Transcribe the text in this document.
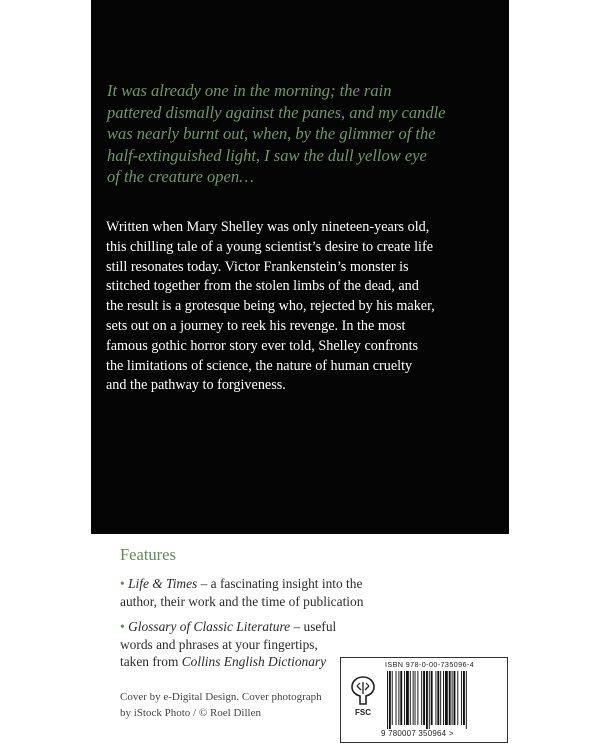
It was already one in the morning; the rain
pattered dismally against the panes, and my candle
was nearly burnt out, when, by the glimmer of the
half-extinguished light, I saw the dull yellow eye
of the creature open…
Written when Mary Shelley was only nineteen-years old,
this chilling tale of a young scientist’s desire to create life
still resonates today. Victor Frankenstein’s monster is
stitched together from the stolen limbs of the dead, and
the result is a grotesque being who, rejected by his maker,
sets out on a journey to reek his revenge. In the most
famous gothic horror story ever told, Shelley confronts
the limitations of science, the nature of human cruelty
and the pathway to forgiveness.
Features
• Life & Times – a fascinating insight into the
author, their work and the time of publication
• Glossary of Classic Literature – useful
words and phrases at your fingertips,
taken from Collins English Dictionary
Cover by e-Digital Design. Cover photograph
by iStock Photo / © Roel Dillen
ISBN 978-0-00-735096-4
FSC
9 780007 350964 >
